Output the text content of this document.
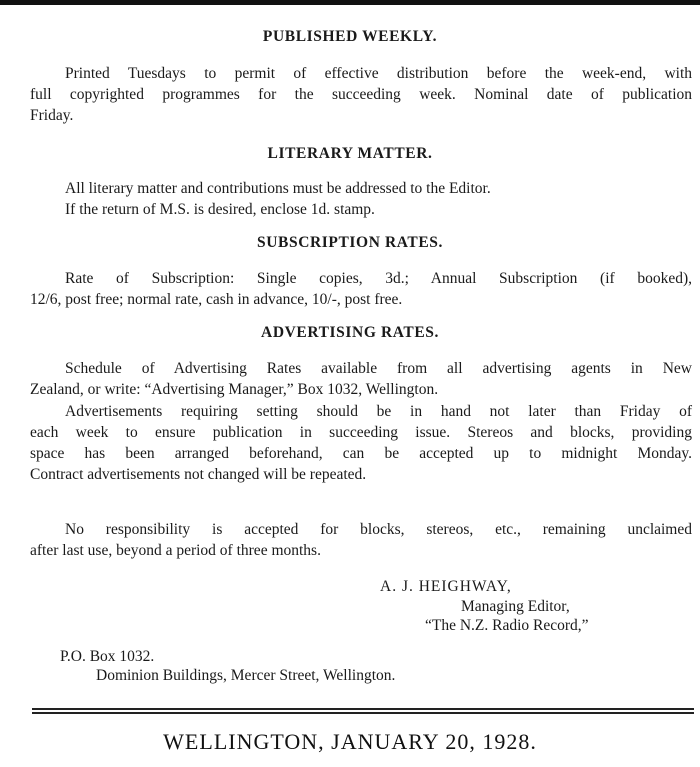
PUBLISHED WEEKLY.
Printed Tuesdays to permit of effective distribution before the week-end, with
full copyrighted programmes for the succeeding week. Nominal date of publication
Friday.
LITERARY MATTER.
All literary matter and contributions must be addressed to the Editor.
If the return of M.S. is desired, enclose 1d. stamp.
SUBSCRIPTION RATES.
Rate of Subscription: Single copies, 3d.; Annual Subscription (if booked),
12/6, post free; normal rate, cash in advance, 10/-, post free.
ADVERTISING RATES.
Schedule of Advertising Rates available from all advertising agents in New
Zealand, or write: “Advertising Manager,” Box 1032, Wellington.
Advertisements requiring setting should be in hand not later than Friday of
each week to ensure publication in succeeding issue. Stereos and blocks, providing
space has been arranged beforehand, can be accepted up to midnight Monday.
Contract advertisements not changed will be repeated.
No responsibility is accepted for blocks, stereos, etc., remaining unclaimed
after last use, beyond a period of three months.
A. J. HEIGHWAY,
Managing Editor,
“The N.Z. Radio Record,”
P.O. Box 1032.
Dominion Buildings, Mercer Street, Wellington.
WELLINGTON, JANUARY 20, 1928.
